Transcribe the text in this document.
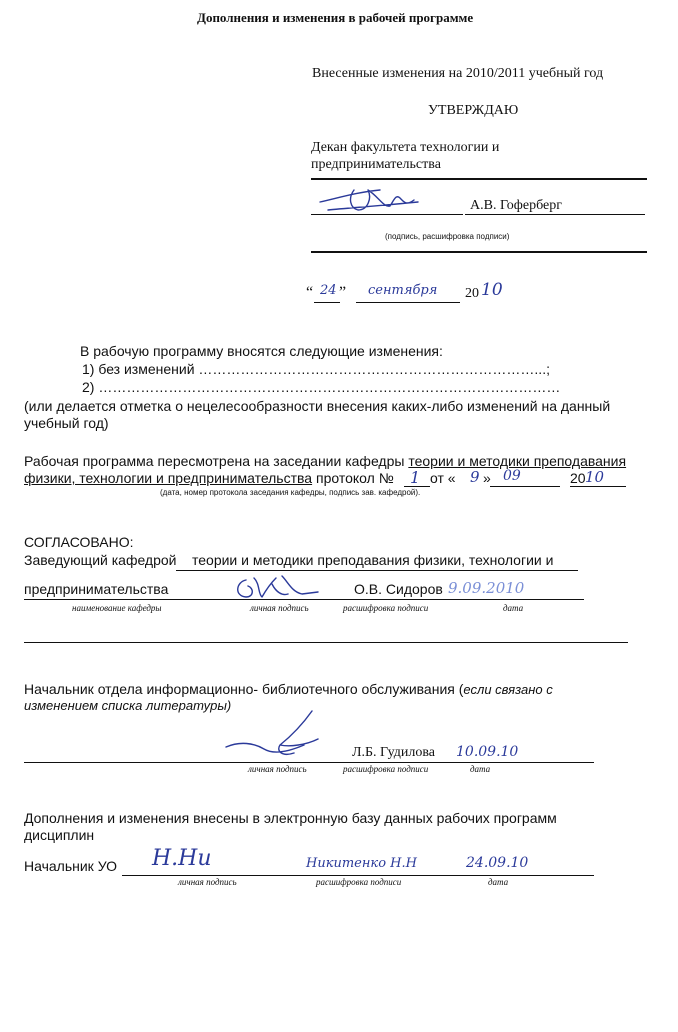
Дополнения и изменения в рабочей программе
Внесенные изменения на 2010/2011 учебный год
УТВЕРЖДАЮ
Декан факультета технологии и
предпринимательства
А.В. Гоферберг
(подпись, расшифровка подписи)
“ 24 ” сентября 20 10
В рабочую программу вносятся следующие изменения:
1) без изменений ………………………………………………………………...;
2) ………………………………………………………………………………………
(или делается отметка о нецелесообразности внесения каких-либо изменений на данный
учебный год)
Рабочая программа пересмотрена на заседании кафедры теории и методики преподавания
физики, технологии и предпринимательства протокол № 1 от « 9 » 09	20 10
(дата, номер протокола заседания кафедры, подпись зав. кафедрой).
СОГЛАСОВАНО:
Заведующий кафедрой теории и методики преподавания физики, технологии и
предпринимательства	О.В. Сидоров 9.09.2010
наименование кафедры	личная подпись	расшифровка подписи	дата
Начальник отдела информационно- библиотечного обслуживания (если связано с
изменением списка литературы)
Л.Б. Гудилова 10.09.10
личная подпись	расшифровка подписи	дата
Дополнения и изменения внесены в электронную базу данных рабочих программ
дисциплин
Начальник УО Н.Ни	Никитенко Н.Н	24.09.10
личная подпись	расшифровка подписи	дата
